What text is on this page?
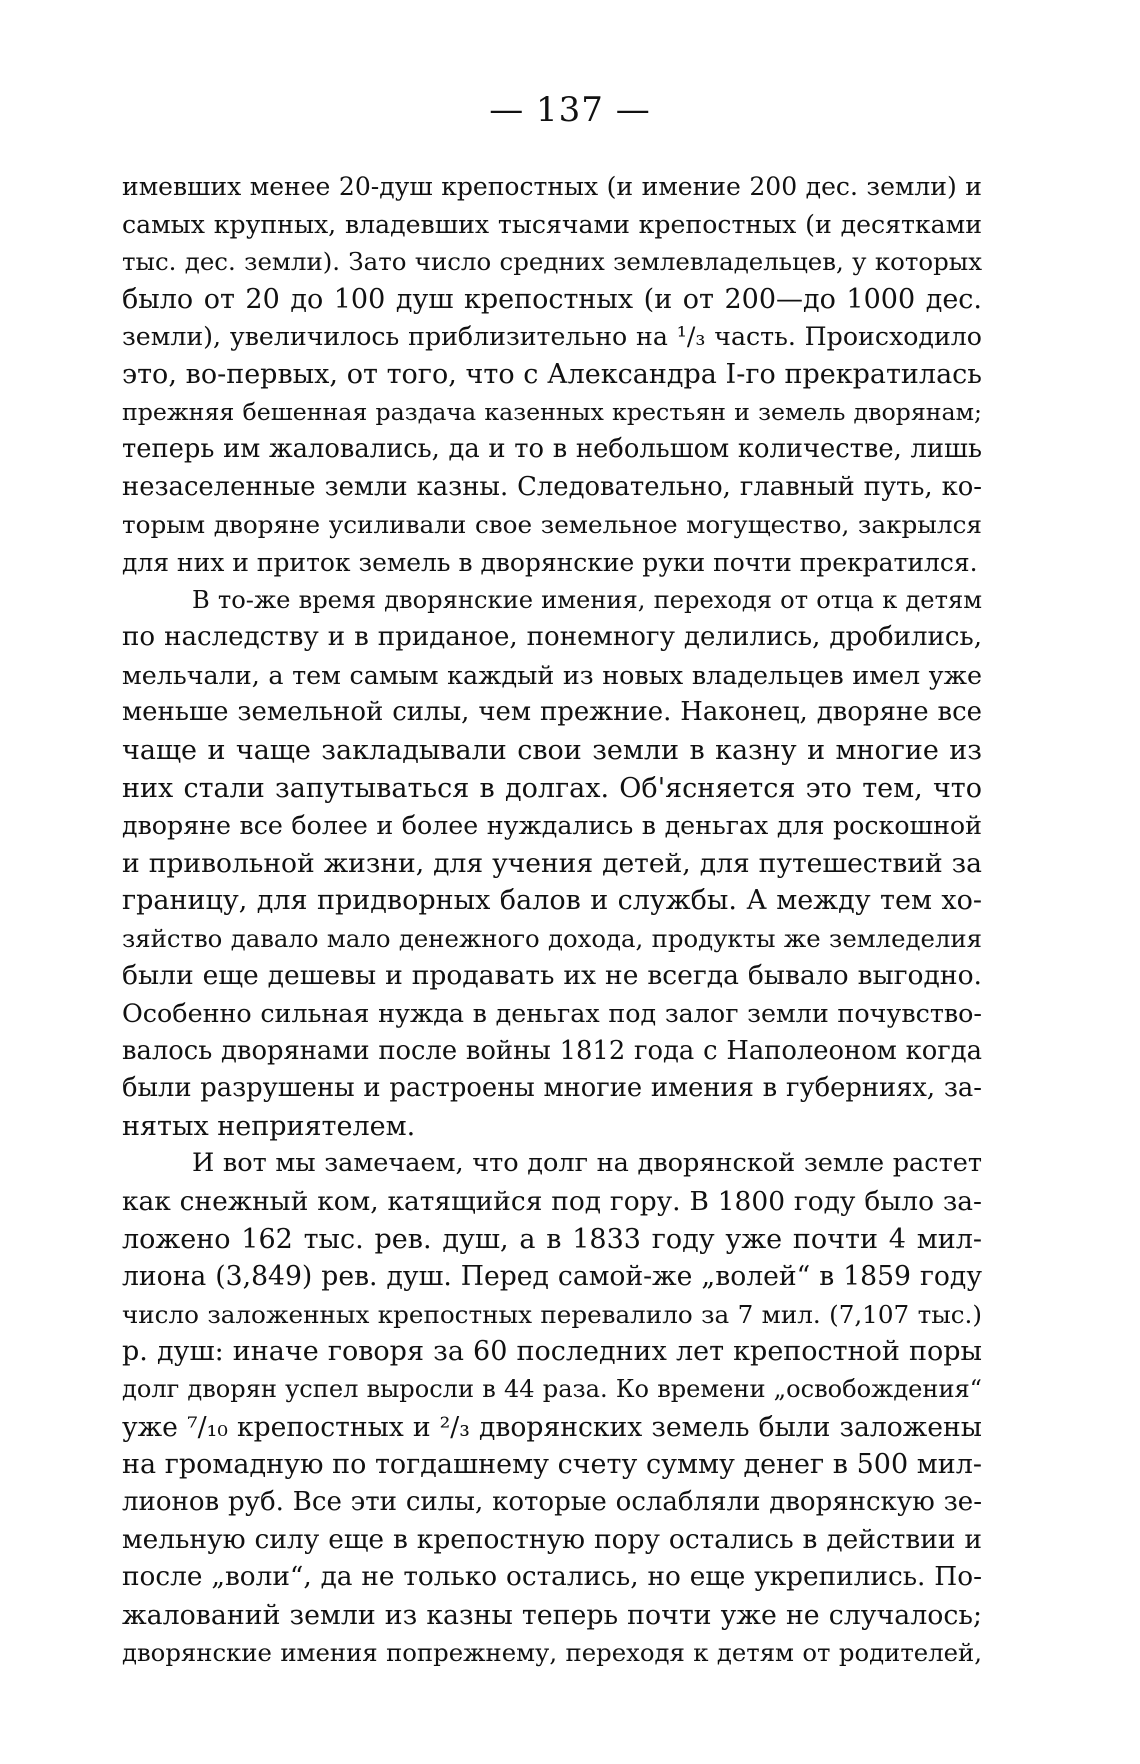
— 137 —
имевших менее 20-душ крепостных (и имение 200 дес. земли) и
самых крупных, владевших тысячами крепостных (и десятками
тыс. дес. земли). Зато число средних землевладельцев, у которых
было от 20 до 100 душ крепостных (и от 200—до 1000 дес.
земли), увеличилось приблизительно на ¹/₃ часть. Происходило
это, во-первых, от того, что с Александра I-го прекратилась
прежняя бешенная раздача казенных крестьян и земель дворянам;
теперь им жаловались, да и то в небольшом количестве, лишь
незаселенные земли казны. Следовательно, главный путь, ко-
торым дворяне усиливали свое земельное могущество, закрылся
для них и приток земель в дворянские руки почти прекратился.
В то-же время дворянские имения, переходя от отца к детям
по наследству и в приданое, понемногу делились, дробились,
мельчали, а тем самым каждый из новых владельцев имел уже
меньше земельной силы, чем прежние. Наконец, дворяне все
чаще и чаще закладывали свои земли в казну и многие из
них стали запутываться в долгах. Об'ясняется это тем, что
дворяне все более и более нуждались в деньгах для роскошной
и привольной жизни, для учения детей, для путешествий за
границу, для придворных балов и службы. А между тем хо-
зяйство давало мало денежного дохода, продукты же земледелия
были еще дешевы и продавать их не всегда бывало выгодно.
Особенно сильная нужда в деньгах под залог земли почувство-
валось дворянами после войны 1812 года с Наполеоном когда
были разрушены и растроены многие имения в губерниях, за-
нятых неприятелем.
И вот мы замечаем, что долг на дворянской земле растет
как снежный ком, катящийся под гору. В 1800 году было за-
ложено 162 тыс. рев. душ, а в 1833 году уже почти 4 мил-
лиона (3,849) рев. душ. Перед самой-же „волей“ в 1859 году
число заложенных крепостных перевалило за 7 мил. (7,107 тыс.)
р. душ: иначе говоря за 60 последних лет крепостной поры
долг дворян успел выросли в 44 раза. Ко времени „освобождения“
уже ⁷/₁₀ крепостных и ²/₃ дворянских земель были заложены
на громадную по тогдашнему счету сумму денег в 500 мил-
лионов руб. Все эти силы, которые ослабляли дворянскую зе-
мельную силу еще в крепостную пору остались в действии и
после „воли“, да не только остались, но еще укрепились. По-
жалований земли из казны теперь почти уже не случалось;
дворянские имения попрежнему, переходя к детям от родителей,
